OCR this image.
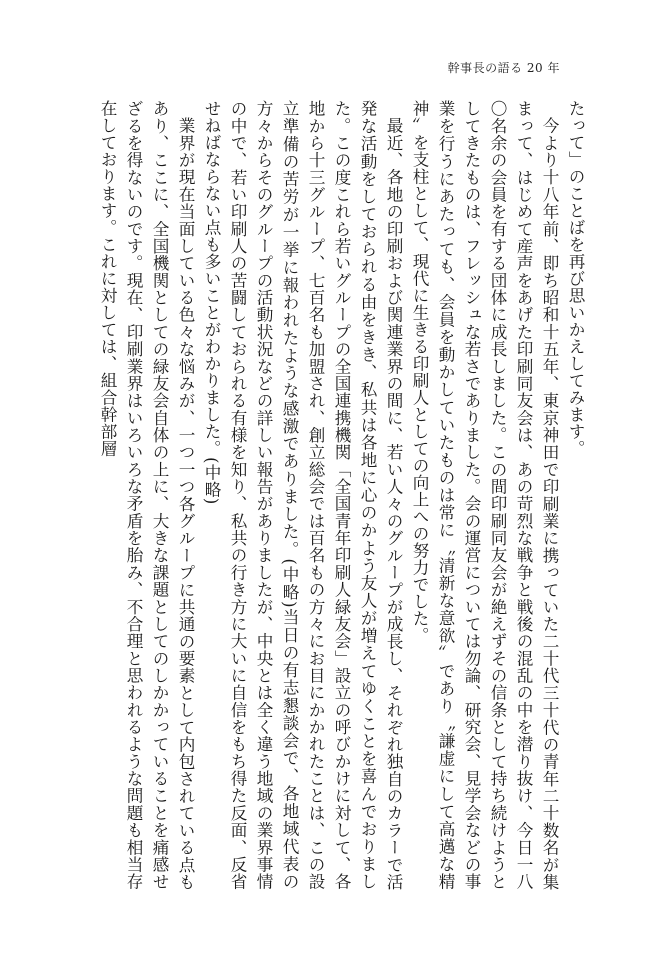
幹事長の語る 20 年

たって」のことばを再び思いかえしてみます。

今より十八年前、即ち昭和十五年、東京神田で印刷業に携っていた二十代三十代の青年二十数名が集まって、はじめて産声をあげた印刷同友会は、あの苛烈な戦争と戦後の混乱の中を潜り抜け、今日一八〇名余の会員を有する団体に成長しました。この間印刷同友会が絶えずその信条として持ち続けようとしてきたものは、フレッシュな若さでありました。会の運営については勿論、研究会、見学会などの事業を行うにあたっても、会員を動かしていたものは常に〝清新な意欲〟であり〝謙虚にして高邁な精神〟を支柱として、現代に生きる印刷人としての向上への努力でした。

最近、各地の印刷および関連業界の間に、若い人々のグループが成長し、それぞれ独自のカラーで活発な活動をしておられる由をきき、私共は各地に心のかよう友人が増えてゆくことを喜んでおりました。この度これら若いグループの全国連携機関「全国青年印刷人緑友会」設立の呼びかけに対して、各地から十三グループ、七百名も加盟され、創立総会では百名もの方々にお目にかかれたことは、この設立準備の苦労が一挙に報われたような感激でありました。(中略)当日の有志懇談会で、各地域代表の方々からそのグループの活動状況などの詳しい報告がありましたが、中央とは全く違う地域の業界事情の中で、若い印刷人の苦闘しておられる有様を知り、私共の行き方に大いに自信をもち得た反面、反省せねばならない点も多いことがわかりました。(中略)

業界が現在当面している色々な悩みが、一つ一つ各グループに共通の要素として内包されている点もあり、ここに、全国機関としての緑友会自体の上に、大きな課題としてのしかかっていることを痛感せざるを得ないのです。現在、印刷業界はいろいろな矛盾を胎み、不合理と思われるような問題も相当存在しております。これに対しては、組合幹部層
